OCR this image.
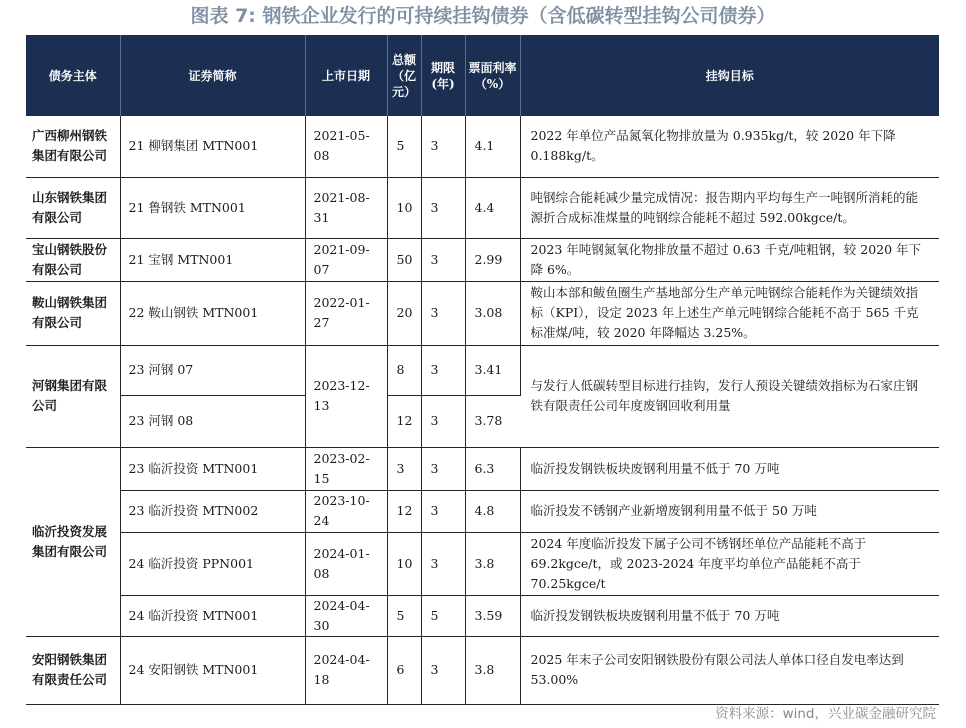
图表 7: 钢铁企业发行的可持续挂钩债券（含低碳转型挂钩公司债券）
债务主体	证券简称	上市日期	总额（亿元）	期限(年)	票面利率（%）	挂钩目标
广西柳州钢铁集团有限公司	21 柳钢集团 MTN001	2021-05-08	5	3	4.1	2022 年单位产品氮氧化物排放量为 0.935kg/t，较 2020 年下降 0.188kg/t。
山东钢铁集团有限公司	21 鲁钢铁 MTN001	2021-08-31	10	3	4.4	吨钢综合能耗减少量完成情况：报告期内平均每生产一吨钢所消耗的能源折合成标准煤量的吨钢综合能耗不超过 592.00kgce/t。
宝山钢铁股份有限公司	21 宝钢 MTN001	2021-09-07	50	3	2.99	2023 年吨钢氮氧化物排放量不超过 0.63 千克/吨粗钢，较 2020 年下降 6%。
鞍山钢铁集团有限公司	22 鞍山钢铁 MTN001	2022-01-27	20	3	3.08	鞍山本部和鲅鱼圈生产基地部分生产单元吨钢综合能耗作为关键绩效指标（KPI），设定 2023 年上述生产单元吨钢综合能耗不高于 565 千克标准煤/吨，较 2020 年降幅达 3.25%。
河钢集团有限公司	23 河钢 07	2023-12-13	8	3	3.41	与发行人低碳转型目标进行挂钩，发行人预设关键绩效指标为石家庄钢铁有限责任公司年度废钢回收利用量
	23 河钢 08		12	3	3.78	
临沂投资发展集团有限公司	23 临沂投资 MTN001	2023-02-15	3	3	6.3	临沂投发钢铁板块废钢利用量不低于 70 万吨
	23 临沂投资 MTN002	2023-10-24	12	3	4.8	临沂投发不锈钢产业新增废钢利用量不低于 50 万吨
	24 临沂投资 PPN001	2024-01-08	10	3	3.8	2024 年度临沂投发下属子公司不锈钢坯单位产品能耗不高于 69.2kgce/t，或 2023-2024 年度平均单位产品能耗不高于 70.25kgce/t
	24 临沂投资 MTN001	2024-04-30	5	5	3.59	临沂投发钢铁板块废钢利用量不低于 70 万吨
安阳钢铁集团有限责任公司	24 安阳钢铁 MTN001	2024-04-18	6	3	3.8	2025 年末子公司安阳钢铁股份有限公司法人单体口径自发电率达到 53.00%
资料来源：wind，兴业碳金融研究院
